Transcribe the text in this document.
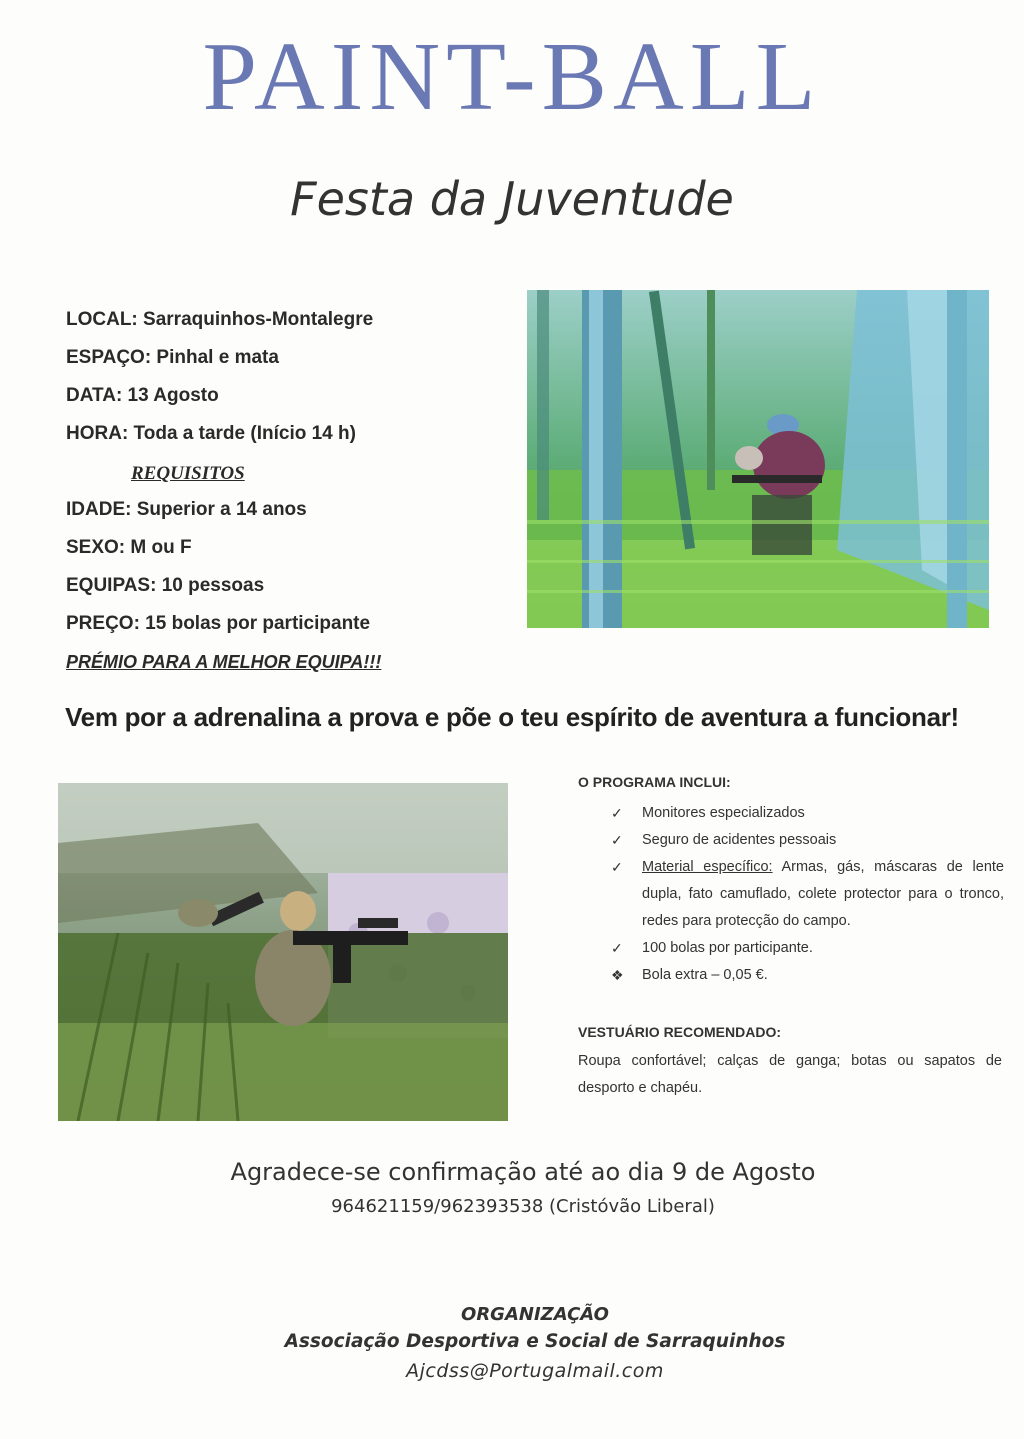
PAINT-BALL
Festa da Juventude
LOCAL: Sarraquinhos-Montalegre
ESPAÇO: Pinhal e mata
DATA: 13 Agosto
HORA: Toda a tarde (Início 14 h)
REQUISITOS
IDADE: Superior a 14 anos
SEXO: M ou F
EQUIPAS: 10 pessoas
PREÇO: 15 bolas por participante
PRÉMIO PARA A MELHOR EQUIPA!!!
Vem por a adrenalina a prova e põe o teu espírito de aventura a funcionar!
O PROGRAMA INCLUI:
✓ Monitores especializados
✓ Seguro de acidentes pessoais
✓ Material específico: Armas, gás, máscaras de lente dupla, fato camuflado, colete protector para o tronco, redes para protecção do campo.
✓ 100 bolas por participante.
❖ Bola extra – 0,05 €.
VESTUÁRIO RECOMENDADO:
Roupa confortável; calças de ganga; botas ou sapatos de desporto e chapéu.
Agradece-se confirmação até ao dia 9 de Agosto
964621159/962393538 (Cristóvão Liberal)
ORGANIZAÇÃO
Associação Desportiva e Social de Sarraquinhos
Ajcdss@Portugalmail.com
